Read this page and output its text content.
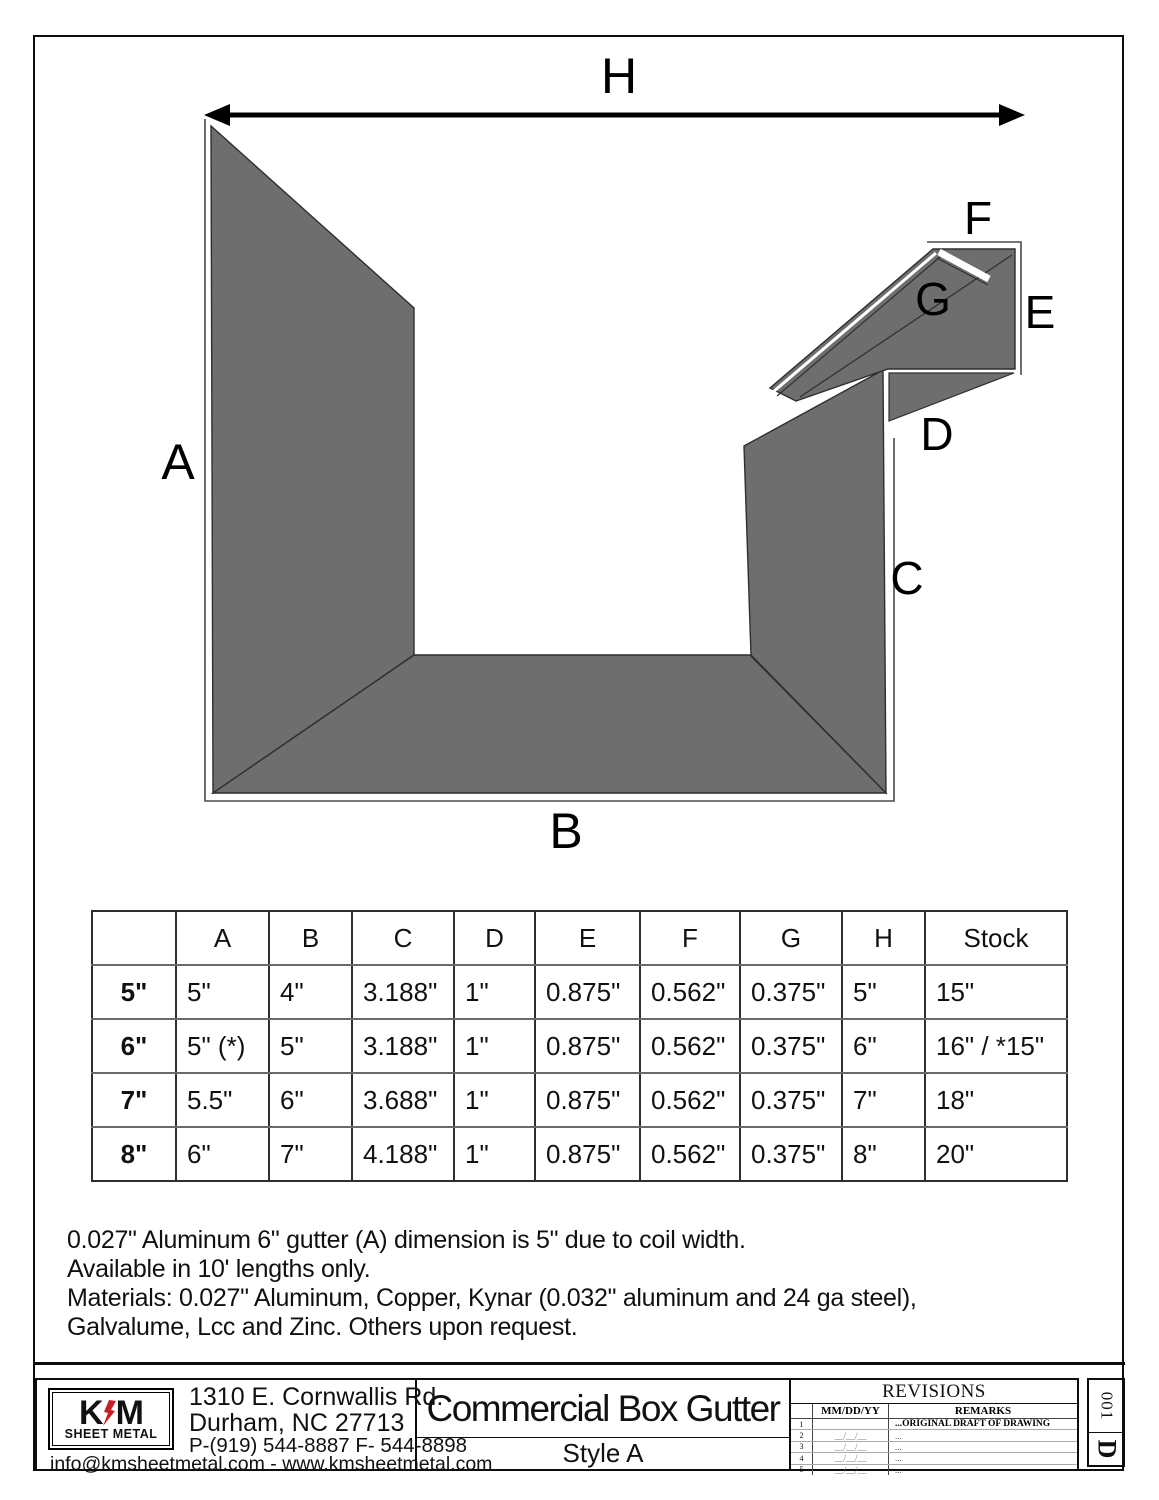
H
A
B
C
D
E
F
G
	A	B	C	D	E	F	G	H	Stock
5"	5"	4"	3.188"	1"	0.875"	0.562"	0.375"	5"	15"
6"	5" (*)	5"	3.188"	1"	0.875"	0.562"	0.375"	6"	16" / *15"
7"	5.5"	6"	3.688"	1"	0.875"	0.562"	0.375"	7"	18"
8"	6"	7"	4.188"	1"	0.875"	0.562"	0.375"	8"	20"
0.027" Aluminum 6" gutter (A) dimension is 5" due to coil width.
Available in 10' lengths only.
Materials: 0.027" Aluminum, Copper, Kynar (0.032" aluminum and 24 ga steel),
Galvalume, Lcc and Zinc. Others upon request.
K M
SHEET METAL
1310 E. Cornwallis Rd.
Durham, NC 27713
P-(919) 544-8887 F- 544-8898
info@kmsheetmetal.com - www.kmsheetmetal.com
Commercial Box Gutter
Style A
REVISIONS
MM/DD/YY	REMARKS
1	...ORIGINAL DRAFT OF DRAWING
2	__/__/__	...
3	__/__/__	...
4	__/__/__	...
5	__/__/__	...
001
D
